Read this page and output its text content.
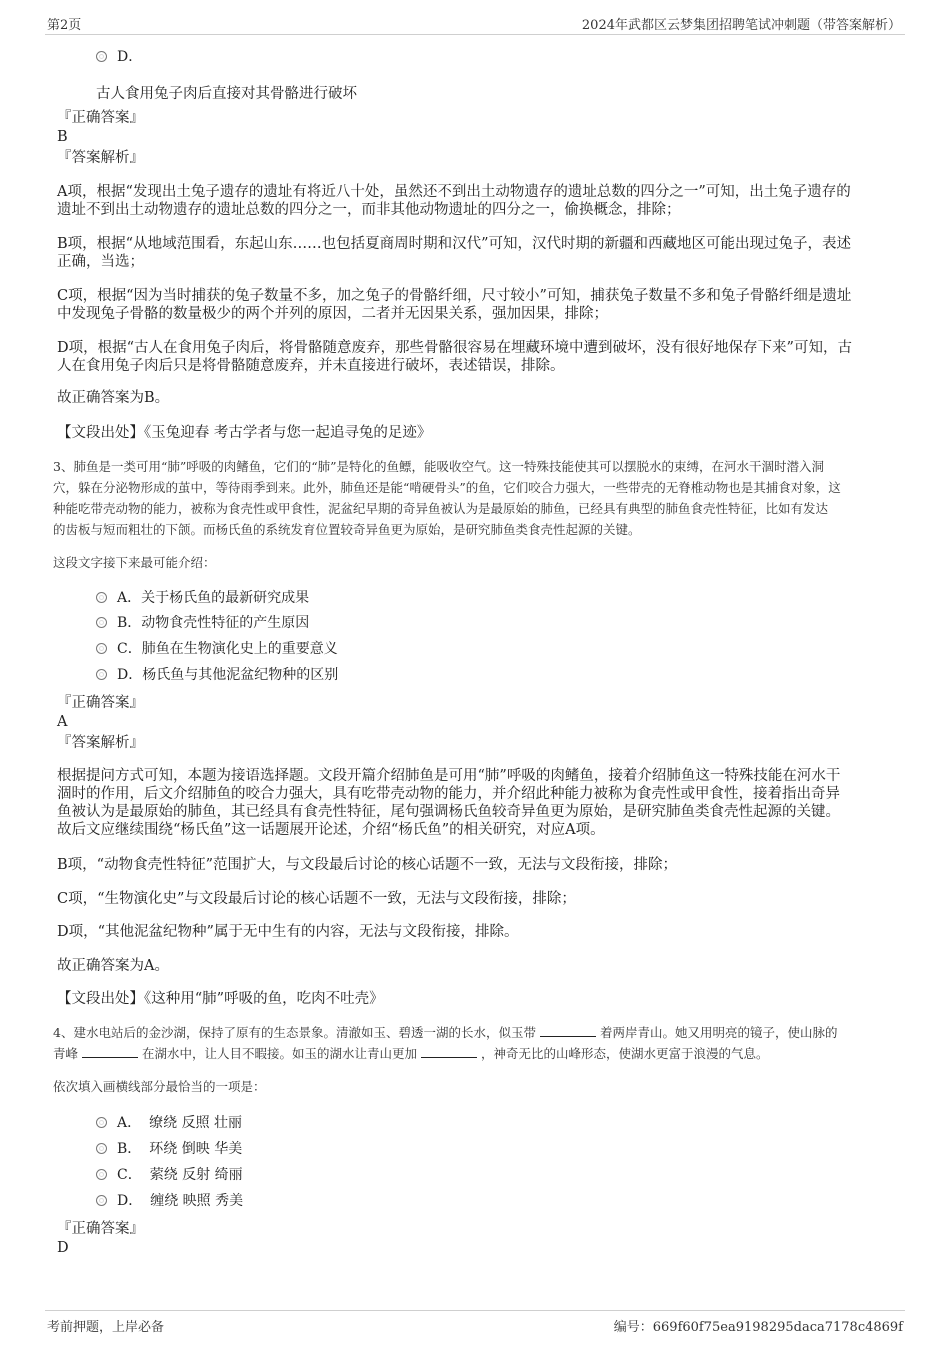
第2页	2024年武都区云梦集团招聘笔试冲刺题（带答案解析）
D．
古人食用兔子肉后直接对其骨骼进行破坏
『正确答案』
B
『答案解析』
A项，根据“发现出土兔子遗存的遗址有将近八十处，虽然还不到出土动物遗存的遗址总数的四分之一”可知，出土兔子遗存的
遗址不到出土动物遗存的遗址总数的四分之一，而非其他动物遗址的四分之一，偷换概念，排除；
B项，根据“从地域范围看，东起山东……也包括夏商周时期和汉代”可知，汉代时期的新疆和西藏地区可能出现过兔子，表述
正确，当选；
C项，根据“因为当时捕获的兔子数量不多，加之兔子的骨骼纤细，尺寸较小”可知，捕获兔子数量不多和兔子骨骼纤细是遗址
中发现兔子骨骼的数量极少的两个并列的原因，二者并无因果关系，强加因果，排除；
D项，根据“古人在食用兔子肉后，将骨骼随意废弃，那些骨骼很容易在埋藏环境中遭到破坏，没有很好地保存下来”可知，古
人在食用兔子肉后只是将骨骼随意废弃，并未直接进行破坏，表述错误，排除。
故正确答案为B。
【文段出处】《玉兔迎春 考古学者与您一起追寻兔的足迹》
3、肺鱼是一类可用“肺”呼吸的肉鳍鱼，它们的“肺”是特化的鱼鳔，能吸收空气。这一特殊技能使其可以摆脱水的束缚，在河水干涸时潜入洞
穴，躲在分泌物形成的茧中，等待雨季到来。此外，肺鱼还是能“啃硬骨头”的鱼，它们咬合力强大，一些带壳的无脊椎动物也是其捕食对象，这
种能吃带壳动物的能力，被称为食壳性或甲食性，泥盆纪早期的奇异鱼被认为是最原始的肺鱼，已经具有典型的肺鱼食壳性特征，比如有发达
的齿板与短而粗壮的下颌。而杨氏鱼的系统发育位置较奇异鱼更为原始，是研究肺鱼类食壳性起源的关键。
这段文字接下来最可能介绍：
A．关于杨氏鱼的最新研究成果
B．动物食壳性特征的产生原因
C．肺鱼在生物演化史上的重要意义
D．杨氏鱼与其他泥盆纪物种的区别
『正确答案』
A
『答案解析』
根据提问方式可知，本题为接语选择题。文段开篇介绍肺鱼是可用“肺”呼吸的肉鳍鱼，接着介绍肺鱼这一特殊技能在河水干
涸时的作用，后文介绍肺鱼的咬合力强大，具有吃带壳动物的能力，并介绍此种能力被称为食壳性或甲食性，接着指出奇异
鱼被认为是最原始的肺鱼，其已经具有食壳性特征，尾句强调杨氏鱼较奇异鱼更为原始，是研究肺鱼类食壳性起源的关键。
故后文应继续围绕“杨氏鱼”这一话题展开论述，介绍“杨氏鱼”的相关研究，对应A项。
B项，“动物食壳性特征”范围扩大，与文段最后讨论的核心话题不一致，无法与文段衔接，排除；
C项，“生物演化史”与文段最后讨论的核心话题不一致，无法与文段衔接，排除；
D项，“其他泥盆纪物种”属于无中生有的内容，无法与文段衔接，排除。
故正确答案为A。
【文段出处】《这种用“肺”呼吸的鱼，吃肉不吐壳》
4、建水电站后的金沙湖，保持了原有的生态景象。清澈如玉、碧透一湖的长水，似玉带	着两岸青山。她又用明亮的镜子，使山脉的
青峰	在湖水中，让人目不暇接。如玉的湖水让青山更加	，神奇无比的山峰形态，使湖水更富于浪漫的气息。
依次填入画横线部分最恰当的一项是：
A． 缭绕 反照 壮丽
B． 环绕 倒映 华美
C． 萦绕 反射 绮丽
D． 缠绕 映照 秀美
『正确答案』
D
考前押题，上岸必备	编号：669f60f75ea9198295daca7178c4869f
